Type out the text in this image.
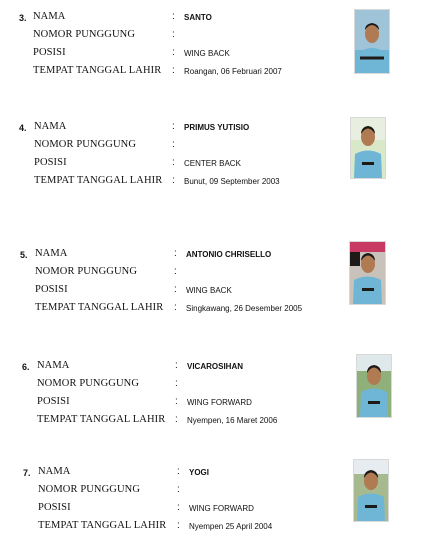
3. NAMA
NOMOR PUNGGUNG
POSISI
TEMPAT TANGGAL LAHIR
:
:
:
:
SANTO
WING BACK
Roangan, 06 Februari 2007
4. NAMA
NOMOR PUNGGUNG
POSISI
TEMPAT TANGGAL LAHIR
:
:
:
:
PRIMUS YUTISIO
CENTER BACK
Bunut, 09 September 2003
5. NAMA
NOMOR PUNGGUNG
POSISI
TEMPAT TANGGAL LAHIR
:
:
:
:
ANTONIO CHRISELLO
WING BACK
Singkawang, 26 Desember 2005
6. NAMA
NOMOR PUNGGUNG
POSISI
TEMPAT TANGGAL LAHIR
:
:
:
:
VICAROSIHAN
WING FORWARD
Nyempen, 16 Maret 2006
7. NAMA
NOMOR PUNGGUNG
POSISI
TEMPAT TANGGAL LAHIR
:
:
:
:
YOGI
WING FORWARD
Nyempen 25 April 2004
